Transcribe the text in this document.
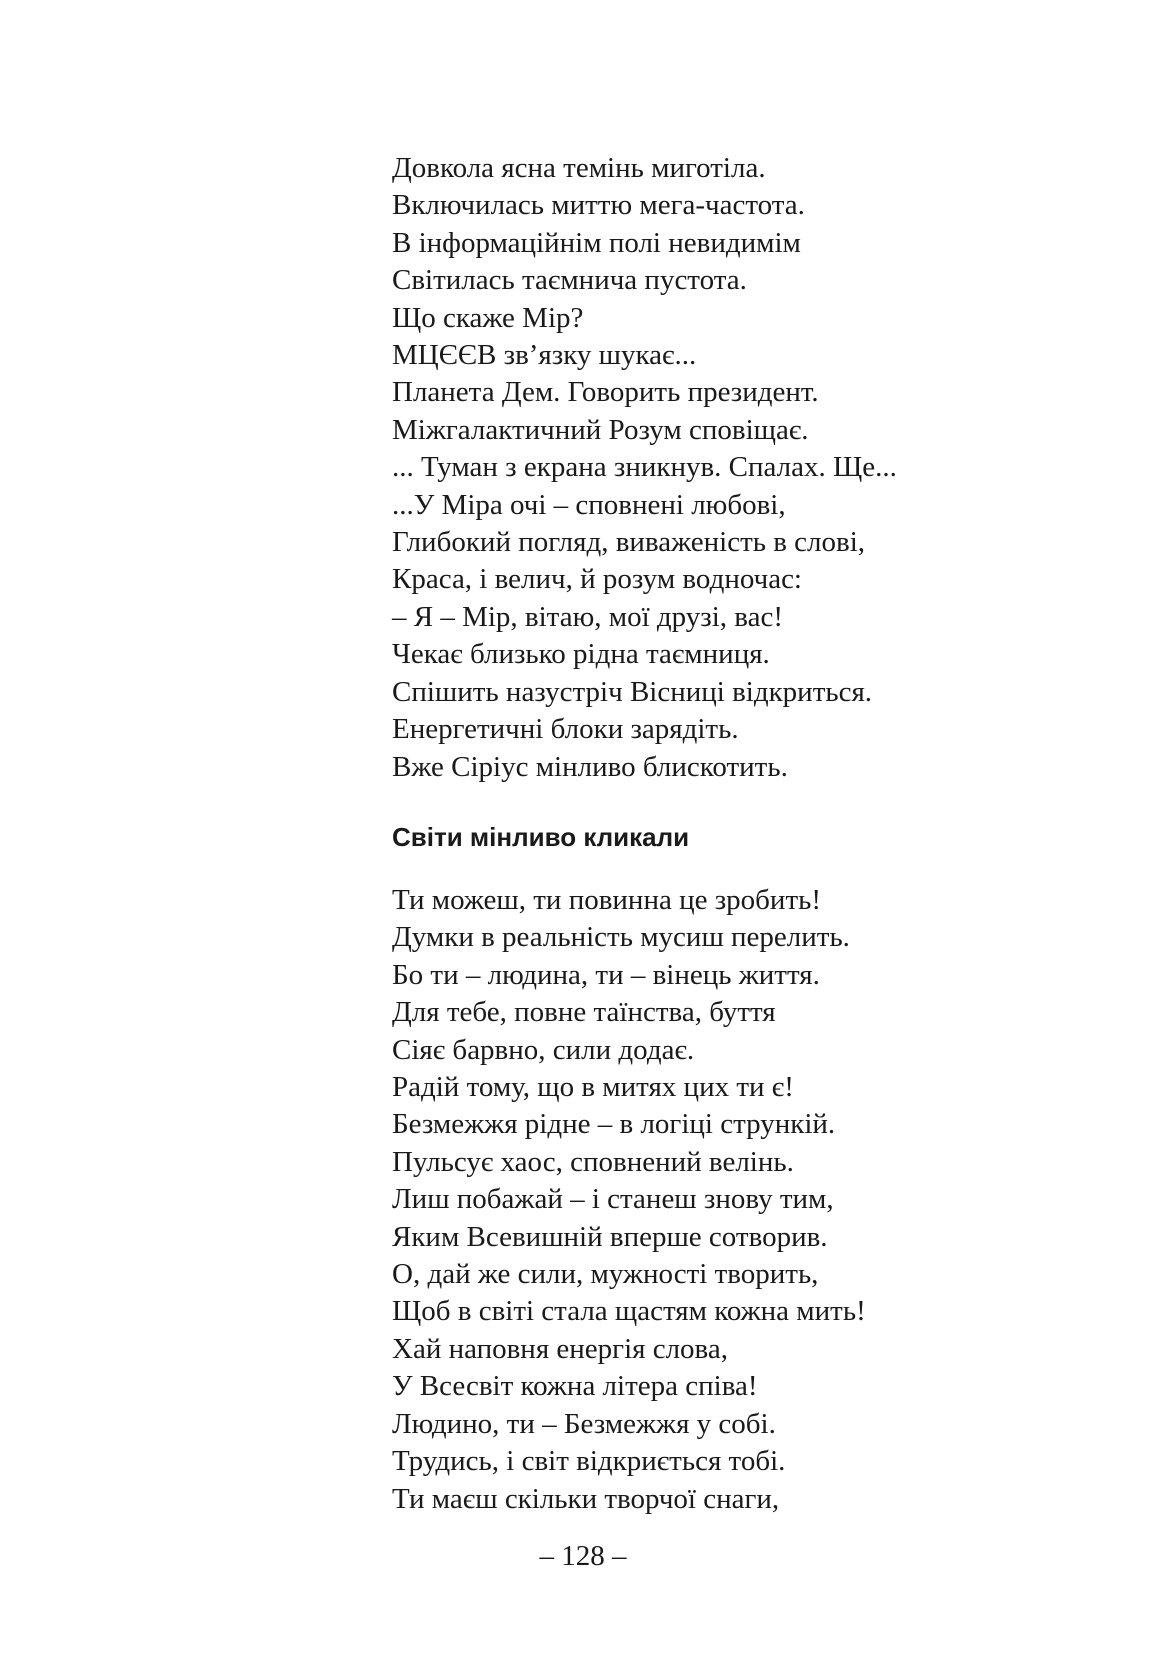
Довкола ясна темінь миготіла.
Включилась миттю мега-частота.
В інформаційнім полі невидимім
Світилась таємнича пустота.
Що скаже Мір?
МЦЄЄВ зв’язку шукає...
Планета Дем. Говорить президент.
Міжгалактичний Розум сповіщає.
... Туман з екрана зникнув. Спалах. Ще...
...У Міра очі – сповнені любові,
Глибокий погляд, виваженість в слові,
Краса, і велич, й розум водночас:
– Я – Мір, вітаю, мої друзі, вас!
Чекає близько рідна таємниця.
Спішить назустріч Вісниці відкриться.
Енергетичні блоки зарядіть.
Вже Сіріус мінливо блискотить.
Світи мінливо кликали
Ти можеш, ти повинна це зробить!
Думки в реальність мусиш перелить.
Бо ти – людина, ти – вінець життя.
Для тебе, повне таїнства, буття
Сіяє барвно, сили додає.
Радій тому, що в митях цих ти є!
Безмежжя рідне – в логіці стрункій.
Пульсує хаос, сповнений велінь.
Лиш побажай – і станеш знову тим,
Яким Всевишній вперше сотворив.
О, дай же сили, мужності творить,
Щоб в світі стала щастям кожна мить!
Хай наповня енергія слова,
У Всесвіт кожна літера співа!
Людино, ти – Безмежжя у собі.
Трудись, і світ відкриється тобі.
Ти маєш скільки творчої снаги,
– 128 –
